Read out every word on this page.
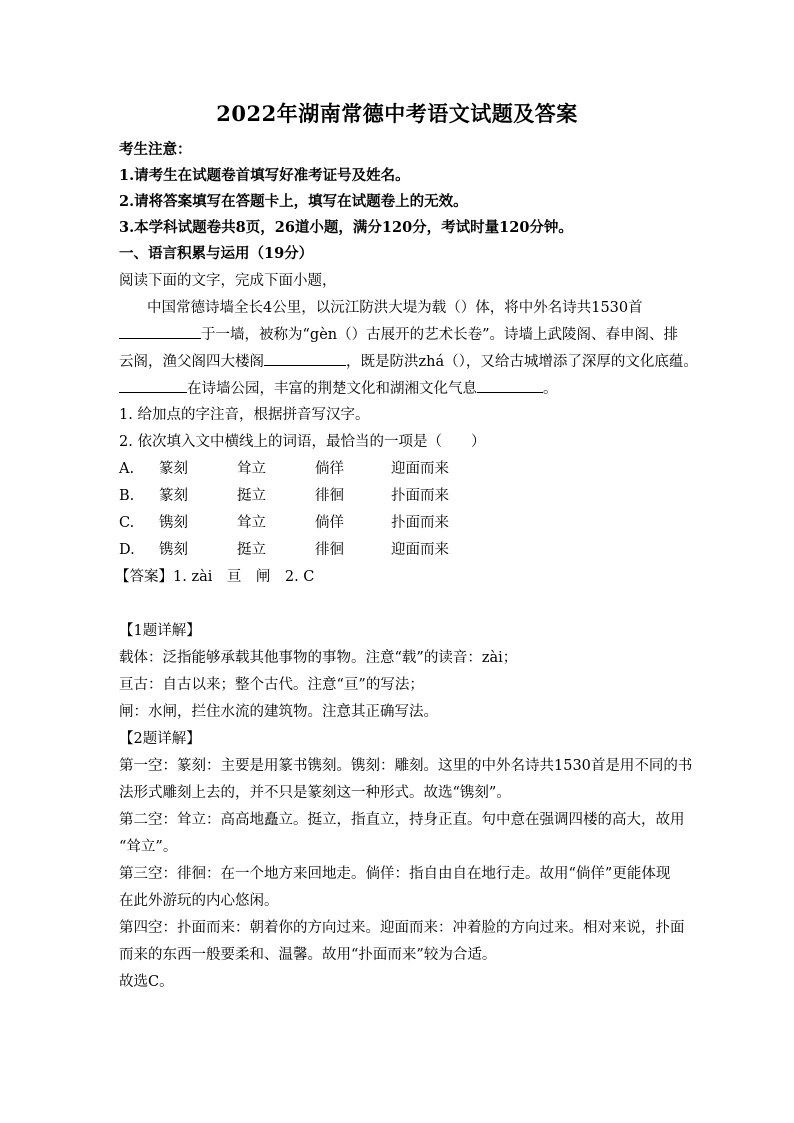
2022年湖南常德中考语文试题及答案
考生注意：
1.请考生在试题卷首填写好准考证号及姓名。
2.请将答案填写在答题卡上，填写在试题卷上的无效。
3.本学科试题卷共8页，26道小题，满分120分，考试时量120分钟。
一、语言积累与运用（19分）
阅读下面的文字，完成下面小题，
中国常德诗墙全长4公里，以沅江防洪大堤为载（）体，将中外名诗共1530首
于一墙，被称为“gèn（）古展开的艺术长卷”。诗墙上武陵阁、春申阁、排
云阁，渔父阁四大楼阁	，既是防洪zhá（），又给古城增添了深厚的文化底蕴。
在诗墙公园，丰富的荆楚文化和湖湘文化气息	。
1. 给加点的字注音，根据拼音写汉字。
2. 依次填入文中横线上的词语，最恰当的一项是（　　）
A. 篆刻	耸立	倘徉	迎面而来
B. 篆刻	挺立	徘徊	扑面而来
C. 镌刻	耸立	倘佯	扑面而来
D. 镌刻	挺立	徘徊	迎面而来
【答案】1. zài　亘　闸　2. C
【1题详解】
载体：泛指能够承载其他事物的事物。注意“载”的读音：zài；
亘古：自古以来；整个古代。注意“亘”的写法；
闸：水闸，拦住水流的建筑物。注意其正确写法。
【2题详解】
第一空：篆刻：主要是用篆书镌刻。镌刻：雕刻。这里的中外名诗共1530首是用不同的书
法形式雕刻上去的，并不只是篆刻这一种形式。故选“镌刻”。
第二空：耸立：高高地矗立。挺立，指直立，持身正直。句中意在强调四楼的高大，故用
“耸立”。
第三空：徘徊：在一个地方来回地走。倘佯：指自由自在地行走。故用“倘佯”更能体现
在此外游玩的内心悠闲。
第四空：扑面而来：朝着你的方向过来。迎面而来：冲着脸的方向过来。相对来说，扑面
而来的东西一般要柔和、温馨。故用“扑面而来”较为合适。
故选C。
